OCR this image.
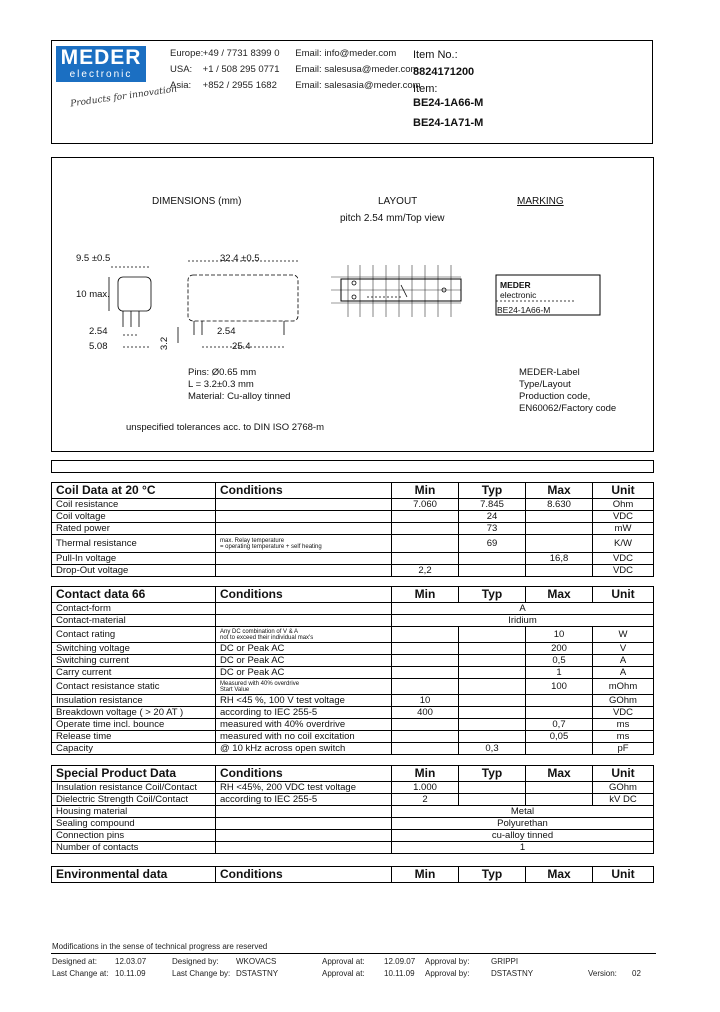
MEDER
electronic
Products for innovation
Europe: +49 / 7731 8399 0 Email: info@meder.com
USA: +1 / 508 295 0771 Email: salesusa@meder.com
Asia: +852 / 2955 1682 Email: salesasia@meder.com
Item No.:
8824171200
Item:
BE24-1A66-M
BE24-1A71-M
DIMENSIONS (mm)	LAYOUT
pitch 2.54 mm/Top view
MARKING
9.5 ±0.5
10 max.
2.54
5.08
32.4 ±0.5
3.2
2.54
25.4
Pins: Ø0.65 mm
L = 3.2±0.3 mm
Material: Cu-alloy tinned
MEDER
electronic
BE24-1A66-M
MEDER-Label
Type/Layout
Production code,
EN60062/Factory code
unspecified tolerances acc. to DIN ISO 2768-m
Coil Data at 20 °C	Conditions	Min	Typ	Max	Unit
Coil resistance		7.060	7.845	8.630	Ohm
Coil voltage			24		VDC
Rated power			73		mW
Thermal resistance	max. Relay temperature
= operating temperature + self heating		69		K/W
Pull-In voltage				16,8	VDC
Drop-Out voltage		2,2			VDC
Contact data 66	Conditions	Min	Typ	Max	Unit
Contact-form		A			
Contact-material		Iridium			
Contact rating	Any DC combination of V & A
not to exceed their individual max's			10	W
Switching voltage	DC or Peak AC			200	V
Switching current	DC or Peak AC			0,5	A
Carry current	DC or Peak AC			1	A
Contact resistance static	Measured with 40% overdrive
Start Value			100	mOhm
Insulation resistance	RH <45 %, 100 V test voltage	10			GOhm
Breakdown voltage ( > 20 AT )	according to IEC 255-5	400			VDC
Operate time incl. bounce	measured with 40% overdrive			0,7	ms
Release time	measured with no coil excitation			0,05	ms
Capacity	@ 10 kHz across open switch		0,3		pF
Special Product Data	Conditions	Min	Typ	Max	Unit
Insulation resistance Coil/Contact	RH <45%, 200 VDC test voltage	1.000			GOhm
Dielectric Strength Coil/Contact	according to IEC 255-5	2			kV DC
Housing material		Metal			
Sealing compound		Polyurethan			
Connection pins		cu-alloy tinned			
Number of contacts		1			
Environmental data	Conditions	Min	Typ	Max	Unit
Modifications in the sense of technical progress are reserved
Designed at: 12.03.07	Designed by: WKOVACS	Approval at: 12.09.07 Approval by:	GRIPPI
Last Change at: 10.11.09	Last Change by: DSTASTNY	Approval at: 10.11.09 Approval by:	DSTASTNY	Version: 02
